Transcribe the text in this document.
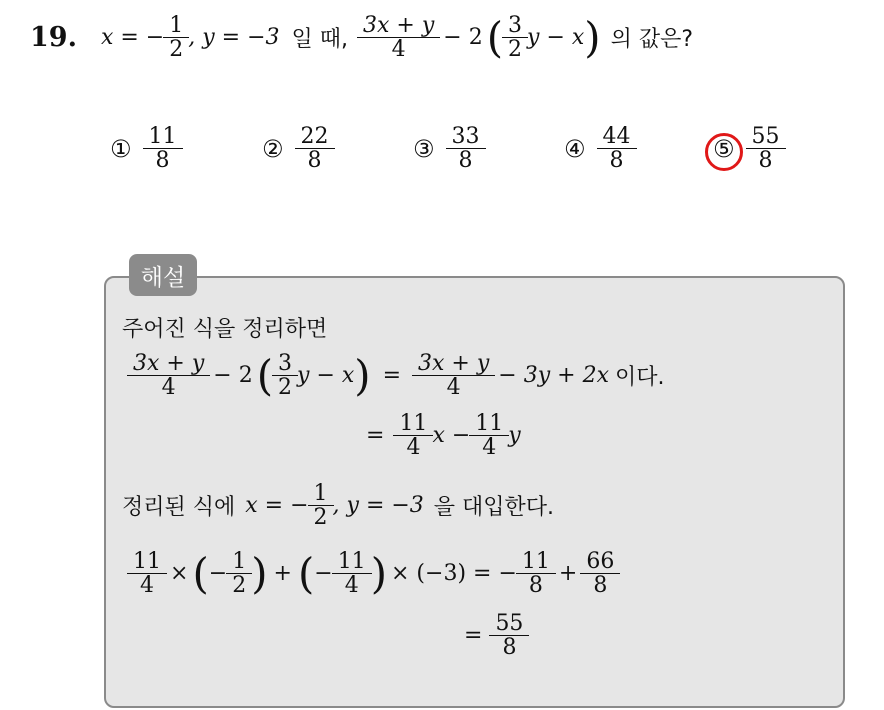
19. x = − $\frac{1}{2}$ , y = −3 일 때, $\frac{3x + y}{4} - 2$ ( $\frac{3}{2}$ y − x ) 의 값은?
① $\frac{11}{8}$	② $\frac{22}{8}$	③ $\frac{33}{8}$	④ $\frac{44}{8}$	⑤ $\frac{55}{8}$
해설
주어진 식을 정리하면
$\frac{3x + y}{4} - 2$ ( $\frac{3}{2}$ y − x ) = $\frac{3x + y}{4} - 3y + 2x$ 이다.
= $\frac{11}{4}$ $x - \frac{11}{4}$ y
정리된 식에 x = − $\frac{1}{2}$ , y = −3 을 대입한다.
$\frac{11}{4}$ × ( − $\frac{1}{2}$ ) + ( − $\frac{11}{4}$ ) × (−3) = − $\frac{11}{8} + \frac{66}{8}$
= $\frac{55}{8}$
